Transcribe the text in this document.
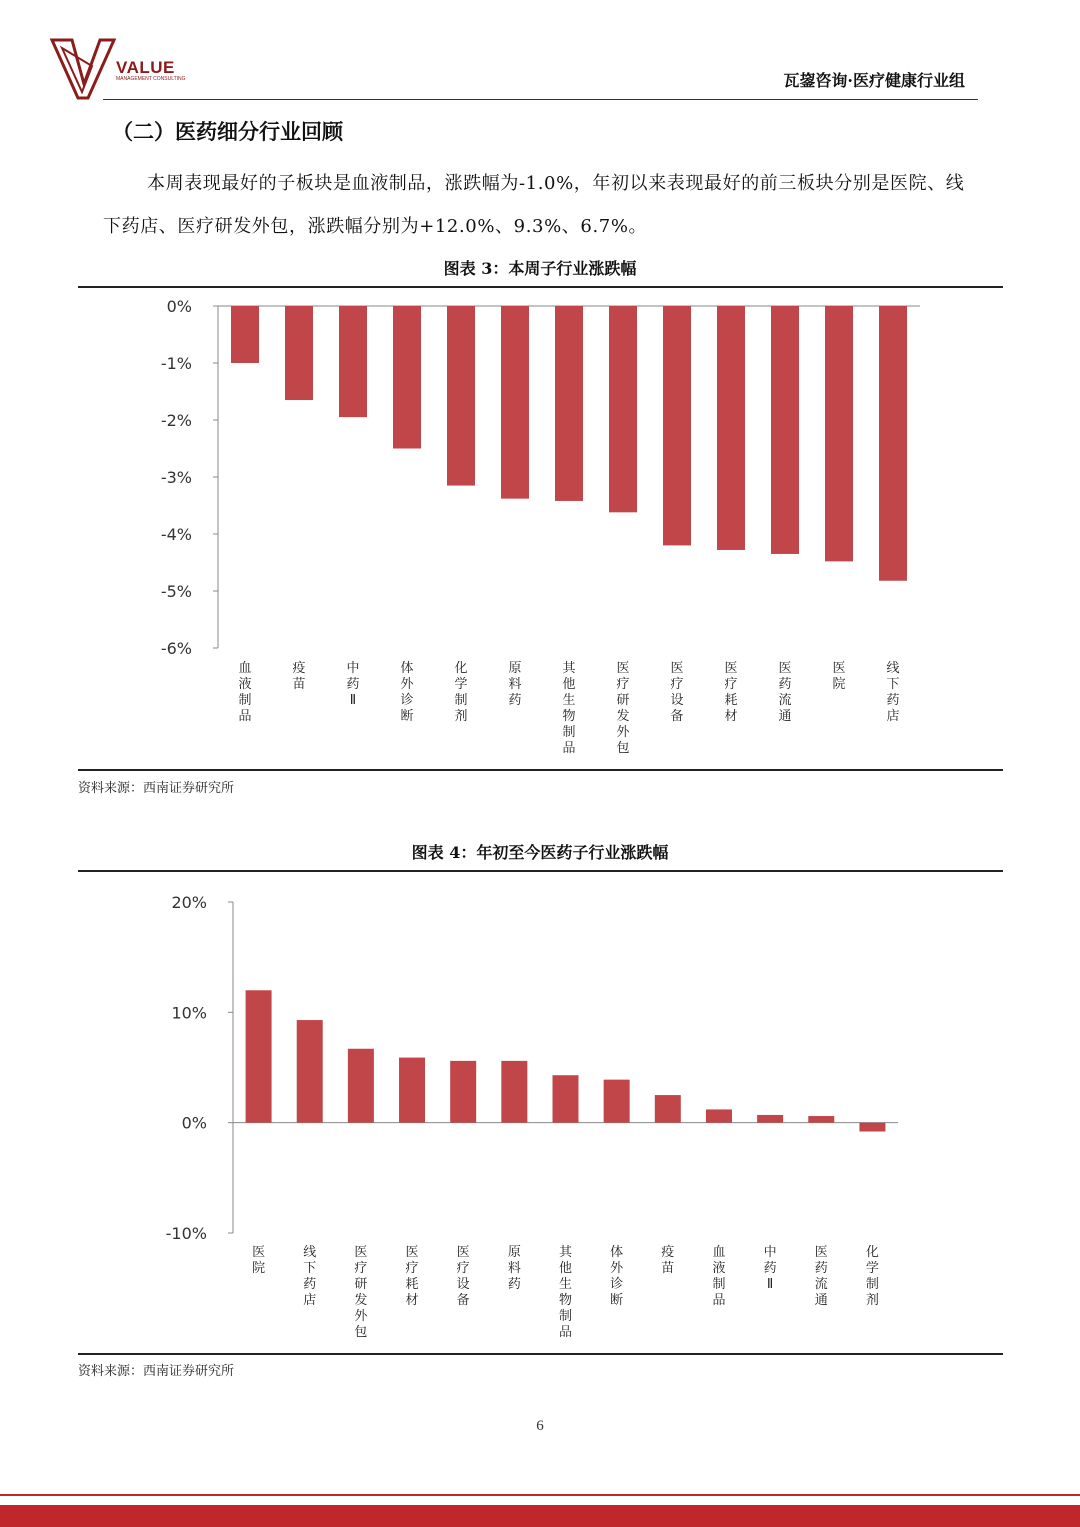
VALUE
MANAGEMENT CONSULTING	瓦鋆咨询·医疗健康行业组
（二）医药细分行业回顾
本周表现最好的子板块是血液制品，涨跌幅为-1.0%，年初以来表现最好的前三板块分别是医院、线下药店、医疗研发外包，涨跌幅分别为+12.0%、9.3%、6.7%。
图表 3：本周子行业涨跌幅
0%
-1%
-2%
-3%
-4%
-5%
-6%
血
液
制
品
疫
苗
中
药
Ⅱ
体
外
诊
断
化
学
制
剂
原
料
药
其
他
生
物
制
品
医
疗
研
发
外
包
医
疗
设
备
医
疗
耗
材
医
药
流
通
医
院
线
下
药
店
资料来源：西南证券研究所
图表 4：年初至今医药子行业涨跌幅
20%
10%
0%
-10%
医
院
线
下
药
店
医
疗
研
发
外
包
医
疗
耗
材
医
疗
设
备
原
料
药
其
他
生
物
制
品
体
外
诊
断
疫
苗
血
液
制
品
中
药
Ⅱ
医
药
流
通
化
学
制
剂
资料来源：西南证券研究所
6
